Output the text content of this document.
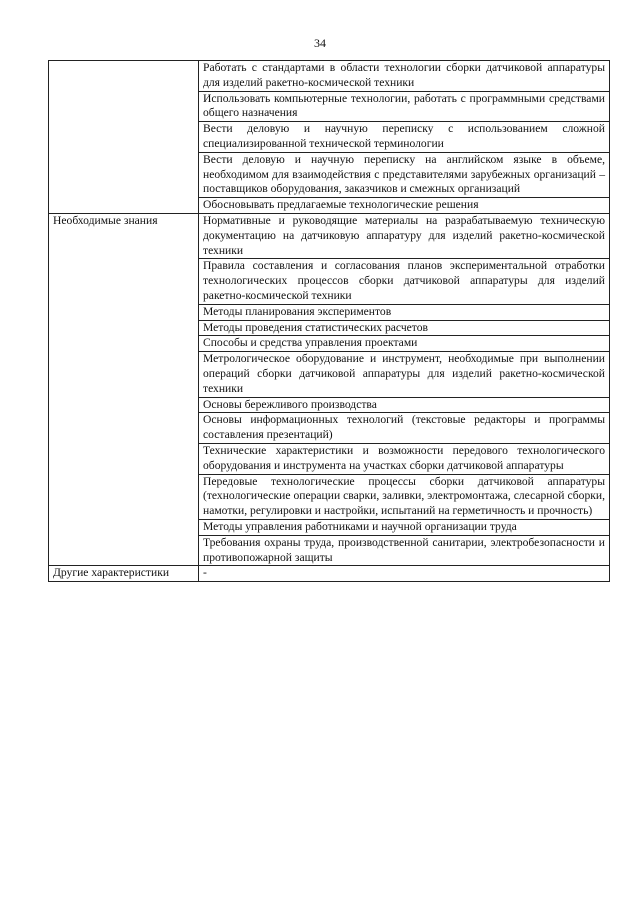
34
	Работать с стандартами в области технологии сборки датчиковой аппаратуры для изделий ракетно-космической техники
	Использовать компьютерные технологии, работать с программными средствами общего назначения
	Вести деловую и научную переписку с использованием сложной специализированной технической терминологии
	Вести деловую и научную переписку на английском языке в объеме, необходимом для взаимодействия с представителями зарубежных организаций – поставщиков оборудования, заказчиков и смежных организаций
	Обосновывать предлагаемые технологические решения
Необходимые знания	Нормативные и руководящие материалы на разрабатываемую техническую документацию на датчиковую аппаратуру для изделий ракетно-космической техники
	Правила составления и согласования планов экспериментальной отработки технологических процессов сборки датчиковой аппаратуры для изделий ракетно-космической техники
	Методы планирования экспериментов
	Методы проведения статистических расчетов
	Способы и средства управления проектами
	Метрологическое оборудование и инструмент, необходимые при выполнении операций сборки датчиковой аппаратуры для изделий ракетно-космической техники
	Основы бережливого производства
	Основы информационных технологий (текстовые редакторы и программы составления презентаций)
	Технические характеристики и возможности передового технологического оборудования и инструмента на участках сборки датчиковой аппаратуры
	Передовые технологические процессы сборки датчиковой аппаратуры (технологические операции сварки, заливки, электромонтажа, слесарной сборки, намотки, регулировки и настройки, испытаний на герметичность и прочность)
	Методы управления работниками и научной организации труда
	Требования охраны труда, производственной санитарии, электробезопасности и противопожарной защиты
Другие характеристики	-
